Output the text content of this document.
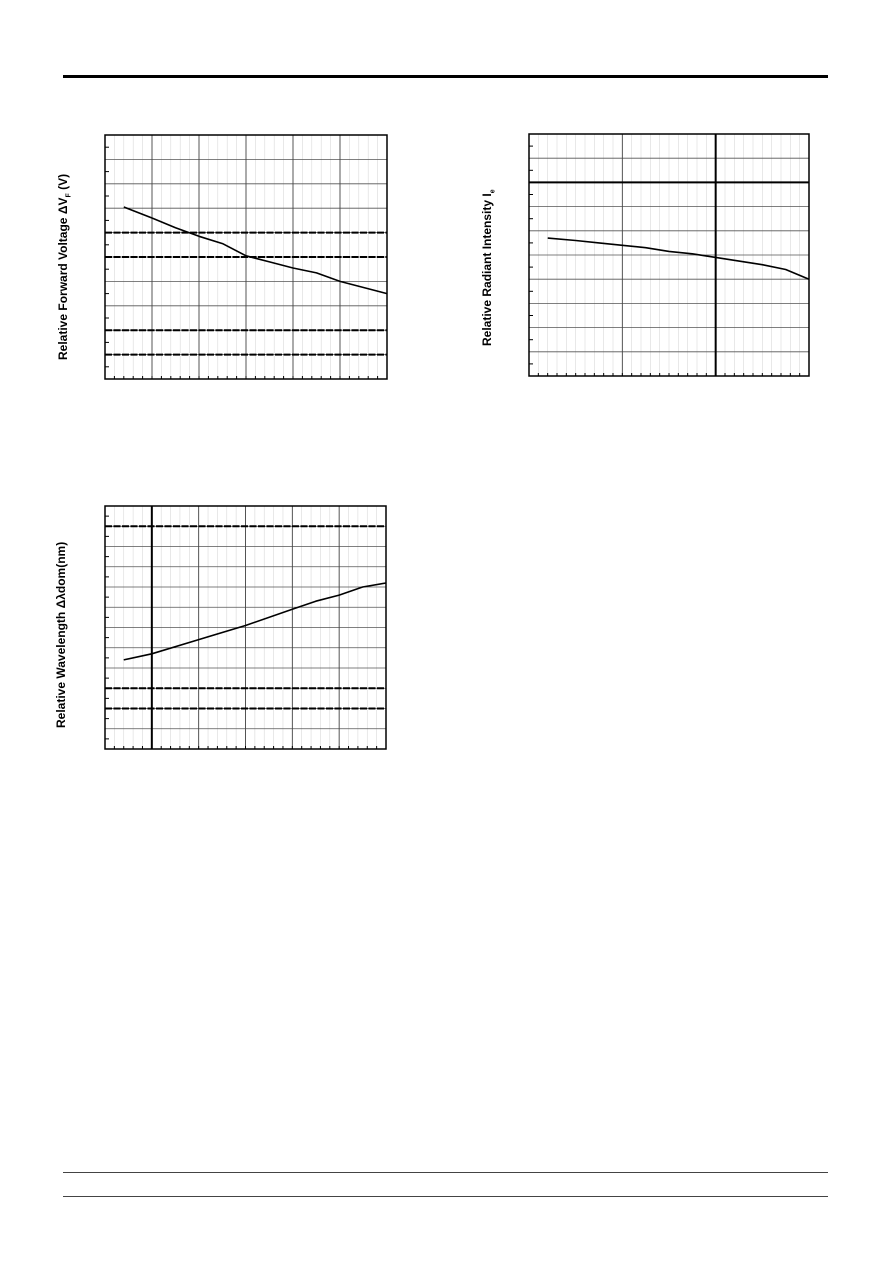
Relative Forward Voltage $\Delta V_F$ (V)
Relative Radiant Intensity $I_e$
Relative Wavelength Δλdom(nm)
